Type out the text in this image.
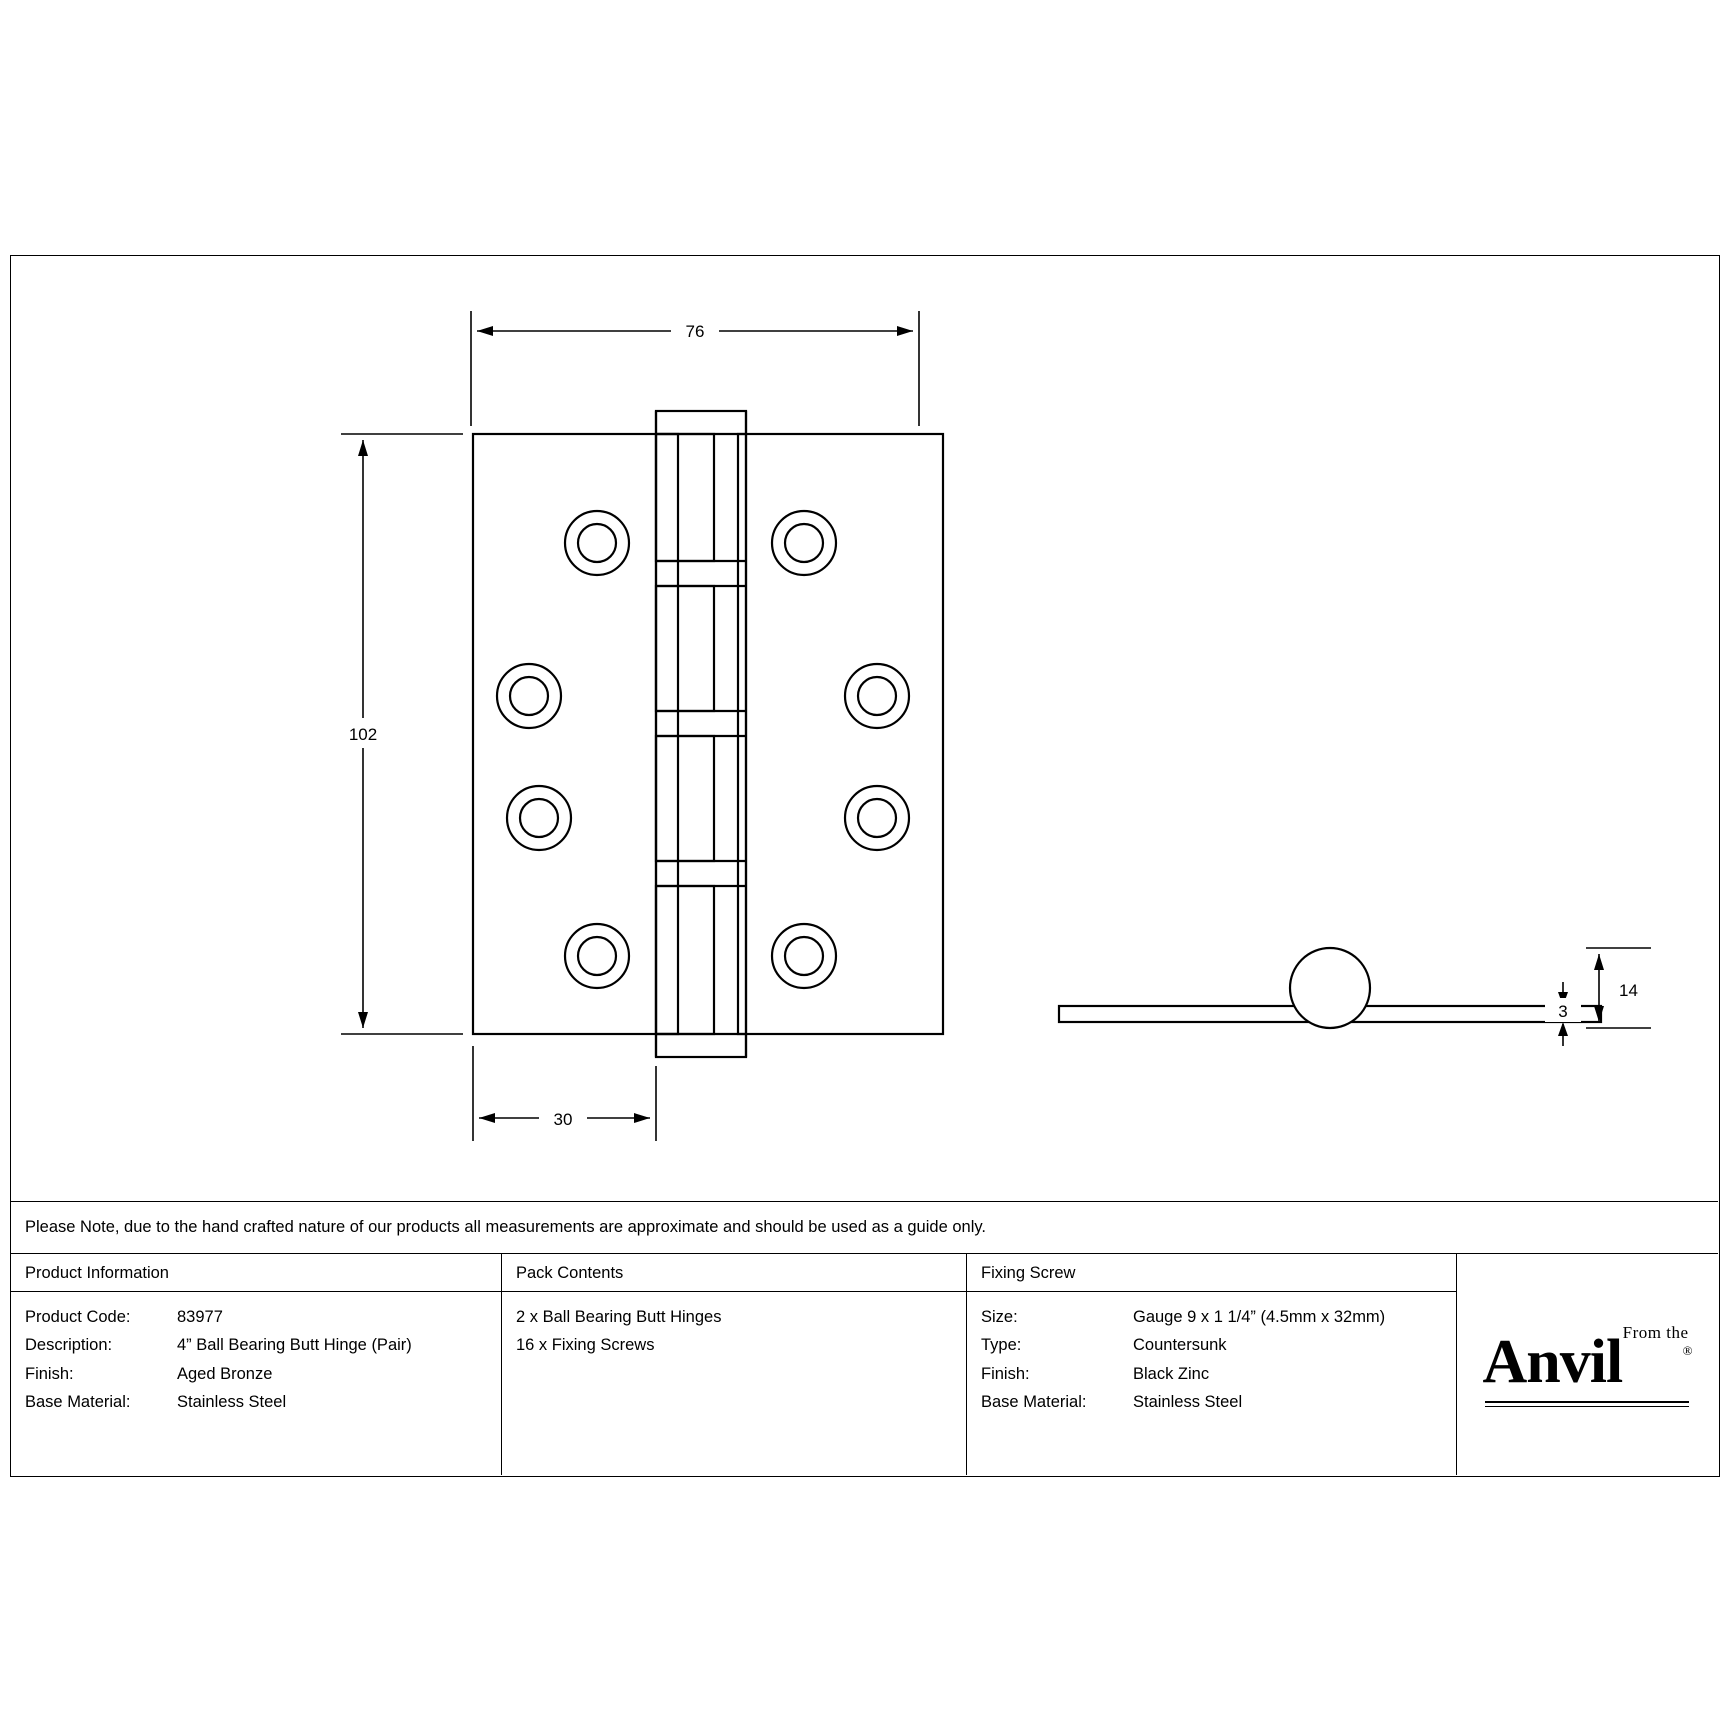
76
102
30
14
3
Please Note, due to the hand crafted nature of our products all measurements are approximate and should be used as a guide only.
Product Information
Product Code:	83977
Description:	4” Ball Bearing Butt Hinge (Pair)
Finish:	Aged Bronze
Base Material:	Stainless Steel
Pack Contents
2 x Ball Bearing Butt Hinges
16 x Fixing Screws
Fixing Screw
Size:	Gauge 9 x 1 1/4” (4.5mm x 32mm)
Type:	Countersunk
Finish:	Black Zinc
Base Material:	Stainless Steel
From the
Anvil	®
